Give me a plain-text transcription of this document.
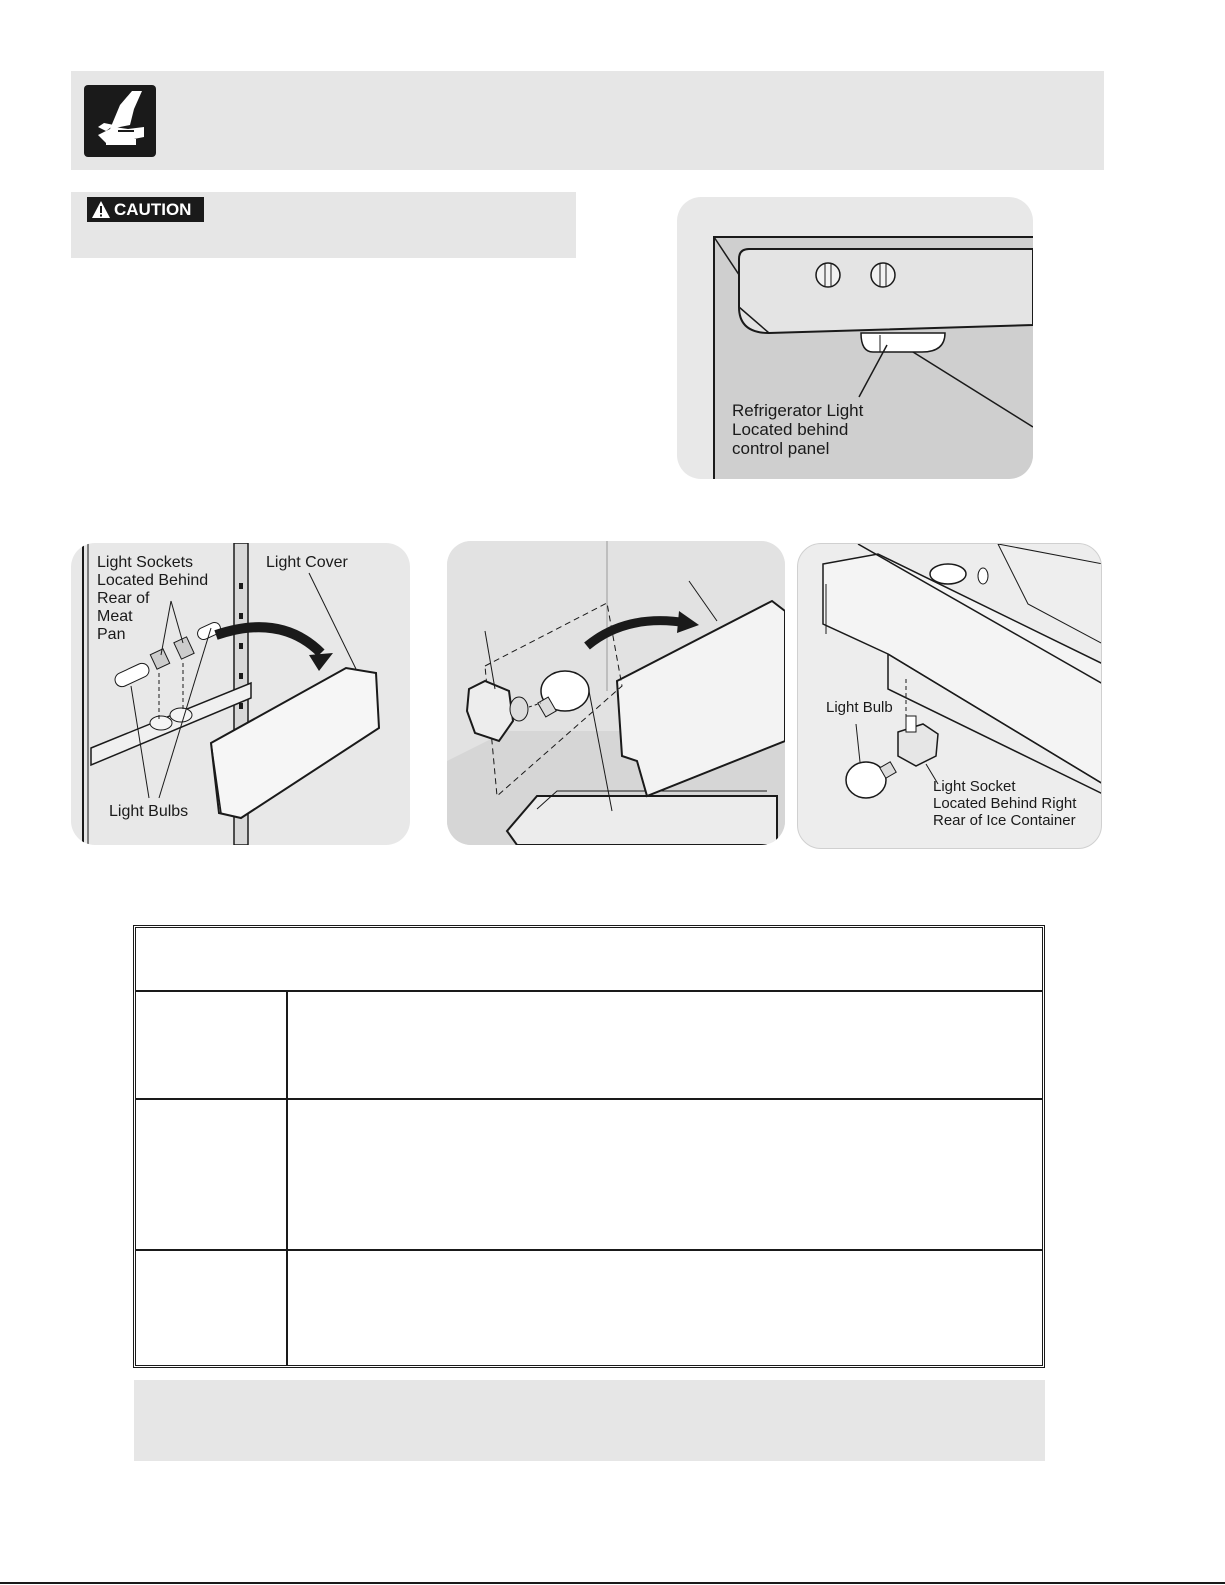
CAUTION
Refrigerator Light
Located behind
control panel
Light Sockets
Located Behind
Rear of
Meat
Pan
Light Cover
Light Bulbs
Light Bulb
Light Socket
Located Behind Right
Rear of Ice Container
